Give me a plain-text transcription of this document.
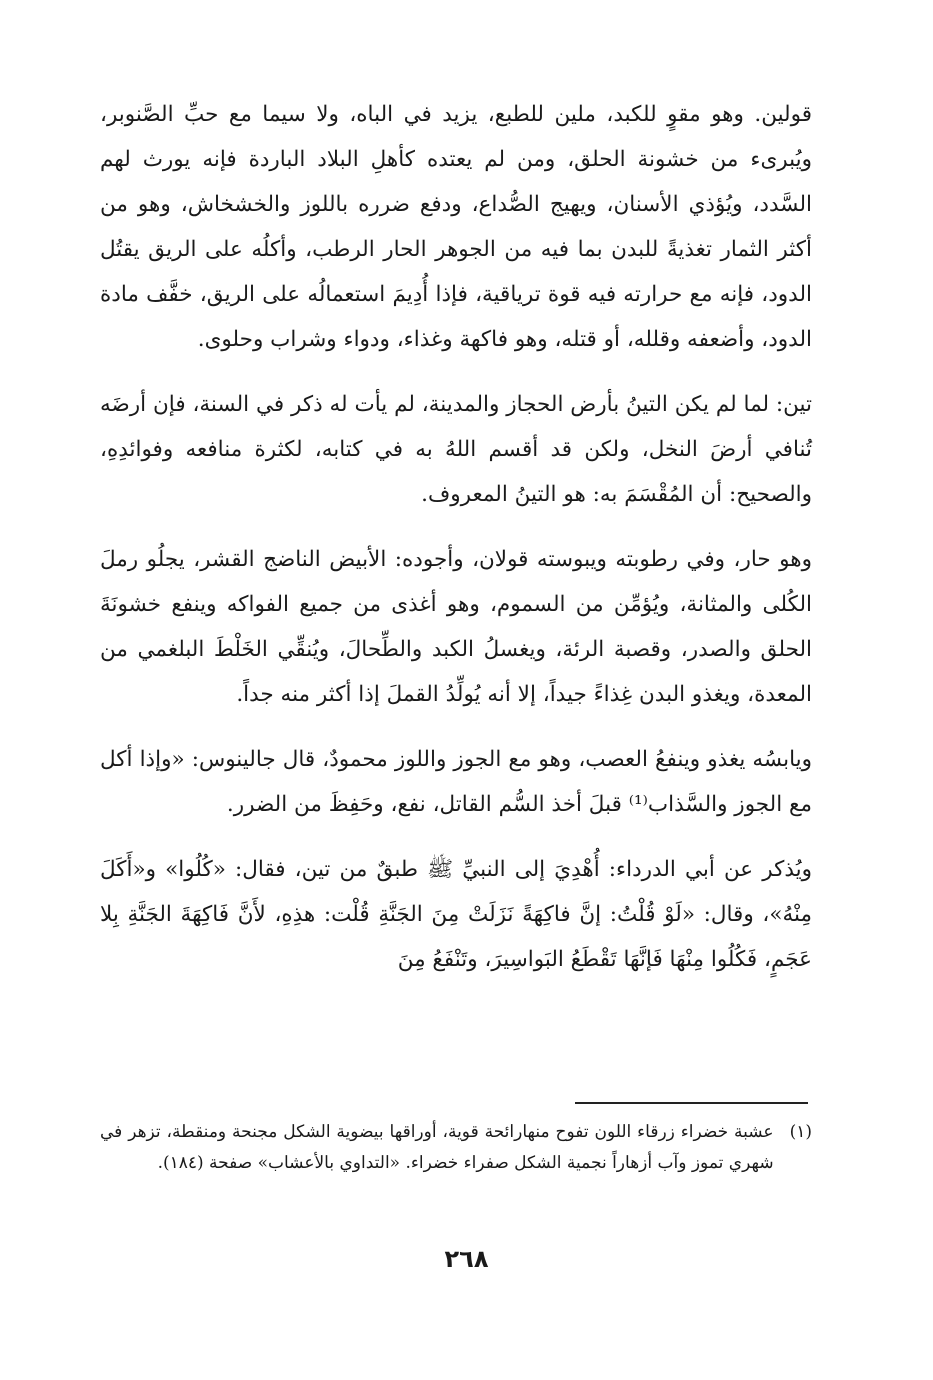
قولين. وهو مقوٍ للكبد، ملين للطبع، يزيد في الباه، ولا سيما مع حبِّ الصَّنوبر، ويُبرىء من خشونة الحلق، ومن لم يعتده كأهلِ البلاد الباردة فإنه يورث لهم السَّدد، ويُؤذي الأسنان، ويهيج الصُّداع، ودفع ضرره باللوز والخشخاش، وهو من أكثر الثمار تغذيةً للبدن بما فيه من الجوهر الحار الرطب، وأكلُه على الريق يقتُل الدود، فإنه مع حرارته فيه قوة ترياقية، فإذا أُدِيمَ استعمالُه على الريق، خفَّف مادة الدود، وأضعفه وقلله، أو قتله، وهو فاكهة وغذاء، ودواء وشراب وحلوى.

تين: لما لم يكن التينُ بأرض الحجاز والمدينة، لم يأت له ذكر في السنة، فإن أرضَه تُنافي أرضَ النخل، ولكن قد أقسم اللهُ به في كتابه، لكثرة منافعه وفوائدِهِ، والصحيح: أن المُقْسَمَ به: هو التينُ المعروف.

وهو حار، وفي رطوبته ويبوسته قولان، وأجوده: الأبيض الناضج القشر، يجلُو رملَ الكُلى والمثانة، ويُؤمِّن من السموم، وهو أغذى من جميع الفواكه وينفع خشونَةَ الحلق والصدر، وقصبة الرئة، ويغسلُ الكبد والطِّحالَ، ويُنقِّي الخَلْطَ البلغمي من المعدة، ويغذو البدن غِذاءً جيداً، إلا أنه يُولِّدُ القملَ إذا أكثر منه جداً.

ويابسُه يغذو وينفعُ العصب، وهو مع الجوز واللوز محمودٌ، قال جالينوس: «وإذا أكل مع الجوز والسَّذاب⁽¹⁾ قبلَ أخذ السُّم القاتل، نفع، وحَفِظَ من الضرر.

ويُذكر عن أبي الدرداء: أُهْدِيَ إلى النبيِّ ﷺ طبقٌ من تين، فقال: «كُلُوا» و«أَكَلَ مِنْهُ»، وقال: «لَوْ قُلْتُ: إنَّ فاكِهَةً نَزَلَتْ مِنَ الجَنَّةِ قُلْت: هذِهِ، لأَنَّ فَاكِهَةَ الجَنَّةِ بِلا عَجَمٍ، فَكُلُوا مِنْهَا فَإنَّهَا تَقْطَعُ البَواسِيرَ، وتَنْفَعُ مِنَ

(١)
عشبة خضراء زرقاء اللون تفوح منهارائحة قوية، أوراقها بيضوية الشكل مجنحة ومنقطة، تزهر في شهري تموز وآب أزهاراً نجمية الشكل صفراء خضراء. «التداوي بالأعشاب» صفحة (١٨٤).
٢٦٨
